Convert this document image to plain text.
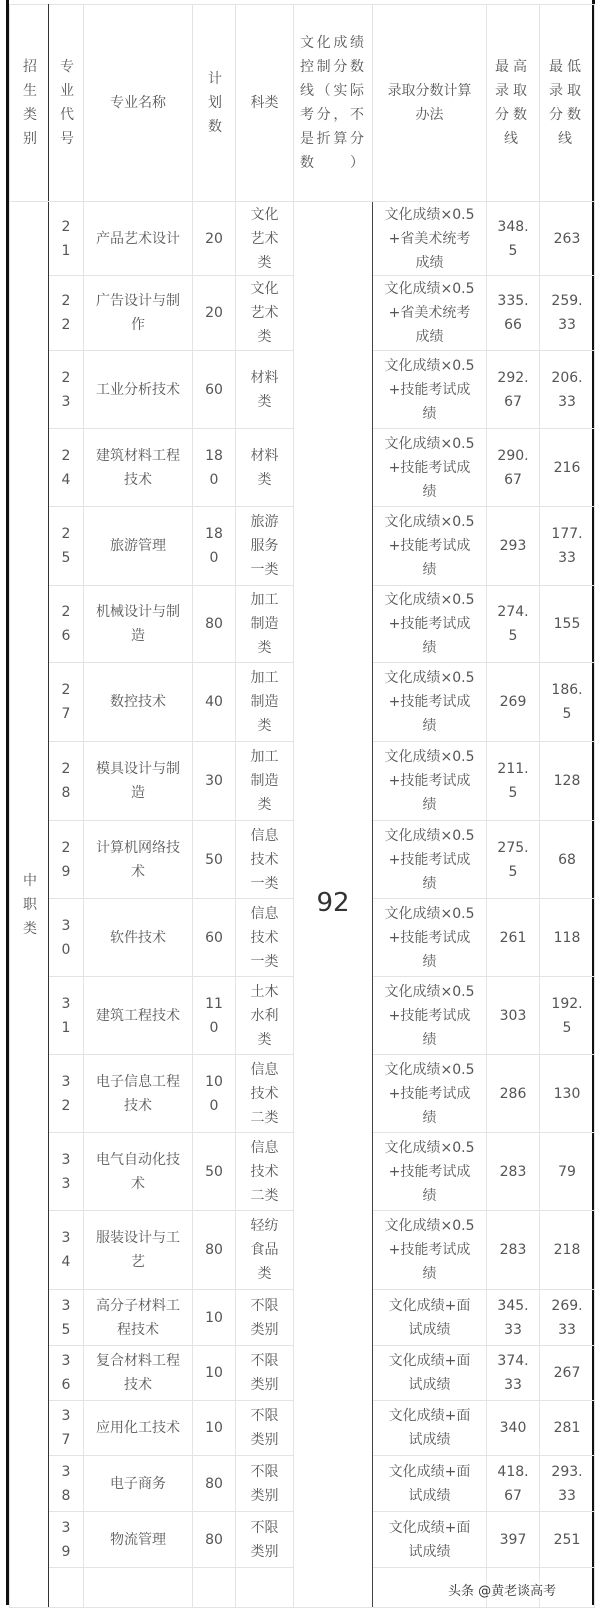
招生类别	专业代号	专业名称	计划数	科类	文化成绩控制分数线（实际考分，不是折算分数）	录取分数计算办法	最高录取分数线	最低录取分数线
中职类	21	产品艺术设计	20	文化艺术类	92	文化成绩×0.5+省美术统考成绩	348.5	263
	22	广告设计与制作	20	文化艺术类		文化成绩×0.5+省美术统考成绩	335.66	259.33
	23	工业分析技术	60	材料类		文化成绩×0.5+技能考试成绩	292.67	206.33
	24	建筑材料工程技术	180	材料类		文化成绩×0.5+技能考试成绩	290.67	216
	25	旅游管理	180	旅游服务一类		文化成绩×0.5+技能考试成绩	293	177.33
	26	机械设计与制造	80	加工制造类		文化成绩×0.5+技能考试成绩	274.5	155
	27	数控技术	40	加工制造类		文化成绩×0.5+技能考试成绩	269	186.5
	28	模具设计与制造	30	加工制造类		文化成绩×0.5+技能考试成绩	211.5	128
	29	计算机网络技术	50	信息技术一类		文化成绩×0.5+技能考试成绩	275.5	68
	30	软件技术	60	信息技术一类		文化成绩×0.5+技能考试成绩	261	118
	31	建筑工程技术	110	土木水利类		文化成绩×0.5+技能考试成绩	303	192.5
	32	电子信息工程技术	100	信息技术二类		文化成绩×0.5+技能考试成绩	286	130
	33	电气自动化技术	50	信息技术二类		文化成绩×0.5+技能考试成绩	283	79
	34	服装设计与工艺	80	轻纺食品类		文化成绩×0.5+技能考试成绩	283	218
	35	高分子材料工程技术	10	不限类别		文化成绩+面试成绩	345.33	269.33
	36	复合材料工程技术	10	不限类别		文化成绩+面试成绩	374.33	267
	37	应用化工技术	10	不限类别		文化成绩+面试成绩	340	281
	38	电子商务	80	不限类别		文化成绩+面试成绩	418.67	293.33
	39	物流管理	80	不限类别		文化成绩+面试成绩	397	251

头条 @黄老谈高考
